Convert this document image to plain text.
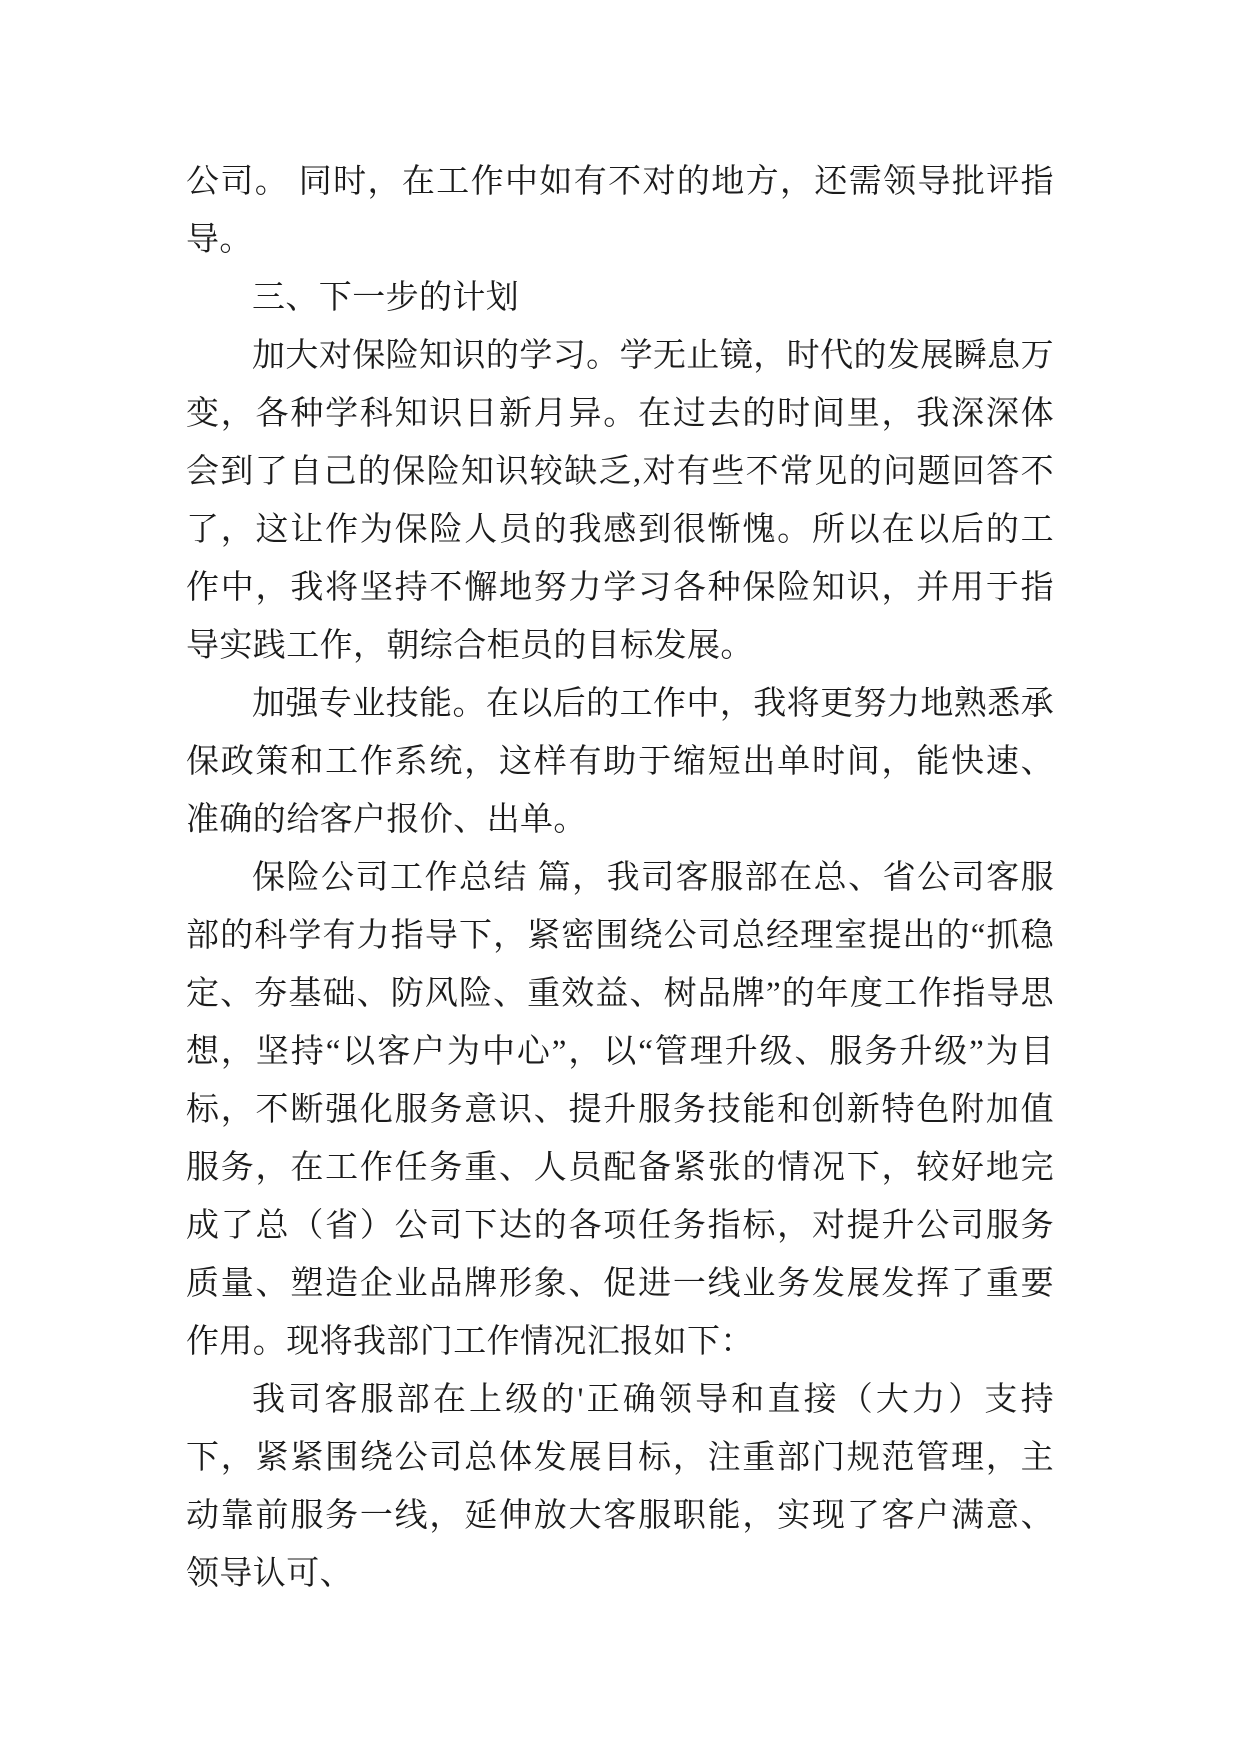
公司。 同时，在工作中如有不对的地方，还需领导批评指导。

三、下一步的计划

加大对保险知识的学习。学无止镜，时代的发展瞬息万变，各种学科知识日新月异。在过去的时间里，我深深体会到了自己的保险知识较缺乏,对有些不常见的问题回答不了，这让作为保险人员的我感到很惭愧。所以在以后的工作中，我将坚持不懈地努力学习各种保险知识，并用于指导实践工作，朝综合柜员的目标发展。

加强专业技能。在以后的工作中，我将更努力地熟悉承保政策和工作系统，这样有助于缩短出单时间，能快速、准确的给客户报价、出单。

保险公司工作总结 篇，我司客服部在总、省公司客服部的科学有力指导下，紧密围绕公司总经理室提出的“抓稳定、夯基础、防风险、重效益、树品牌”的年度工作指导思想，坚持“以客户为中心”，以“管理升级、服务升级”为目标，不断强化服务意识、提升服务技能和创新特色附加值服务，在工作任务重、人员配备紧张的情况下，较好地完成了总（省）公司下达的各项任务指标，对提升公司服务质量、塑造企业品牌形象、促进一线业务发展发挥了重要作用。现将我部门工作情况汇报如下：

我司客服部在上级的'正确领导和直接（大力）支持下，紧紧围绕公司总体发展目标，注重部门规范管理，主动靠前服务一线，延伸放大客服职能，实现了客户满意、领导认可、
